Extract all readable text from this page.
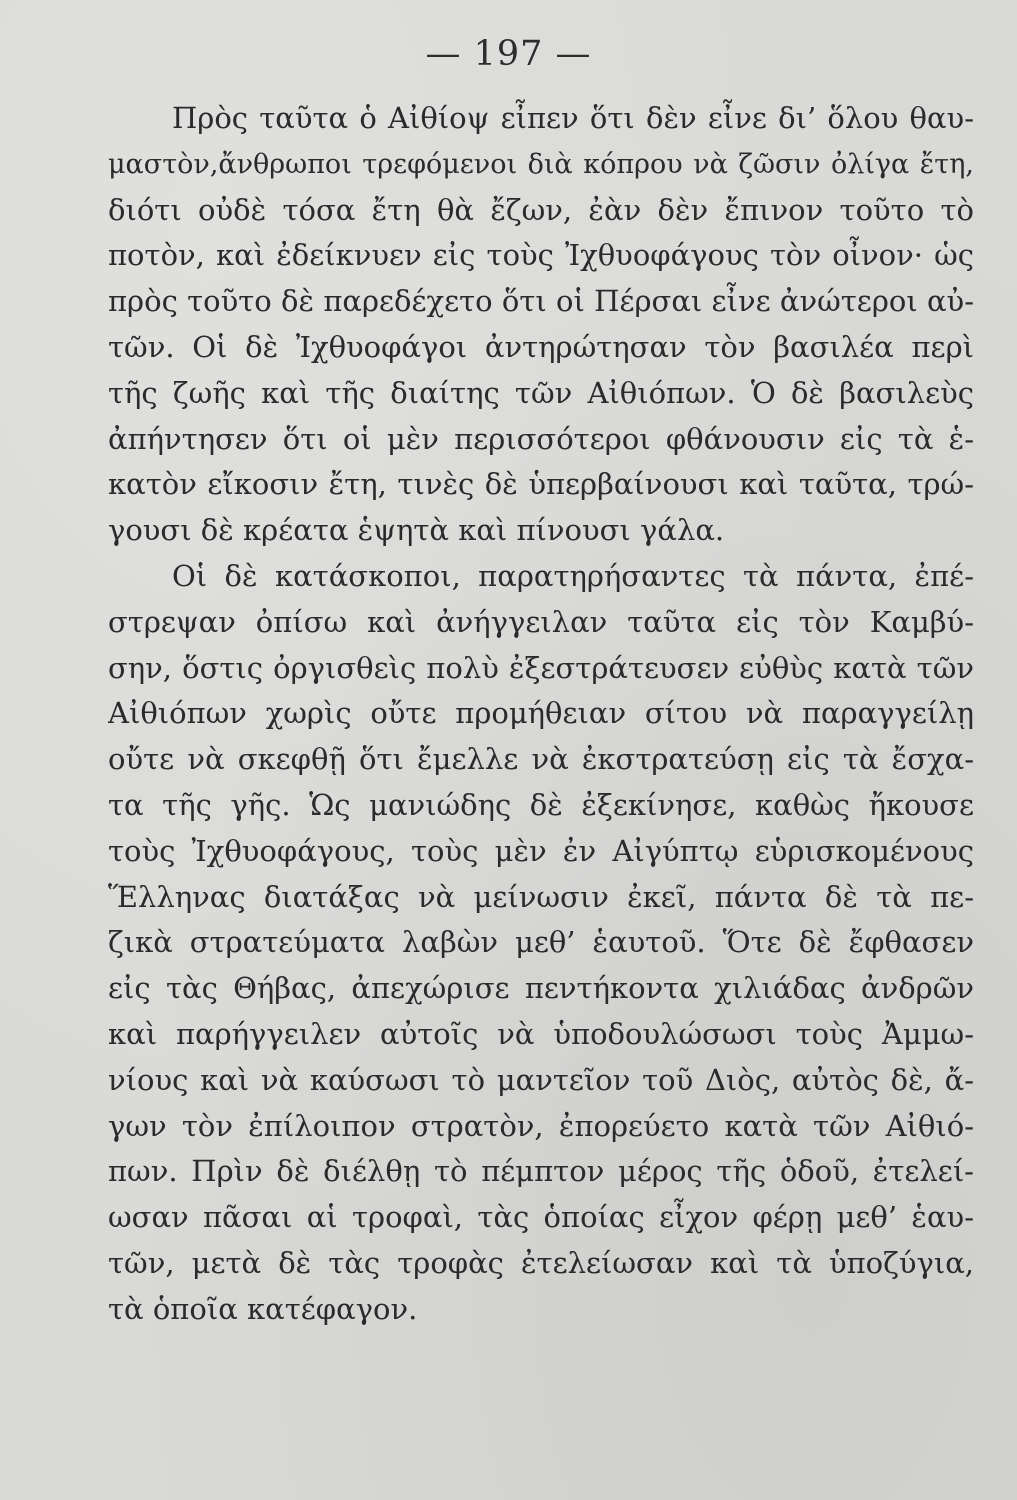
— 197 —
Πρὸς ταῦτα ὁ Αἰθίοψ εἶπεν ὅτι δὲν εἶνε δι’ ὅλου θαυ-
μαστὸν,ἄνθρωποι τρεφόμενοι διὰ κόπρου νὰ ζῶσιν ὀλίγα ἔτη,
διότι οὐδὲ τόσα ἔτη θὰ ἔζων, ἐὰν δὲν ἔπινον τοῦτο τὸ
ποτὸν, καὶ ἐδείκνυεν εἰς τοὺς Ἰχθυοφάγους τὸν οἶνον· ὡς
πρὸς τοῦτο δὲ παρεδέχετο ὅτι οἱ Πέρσαι εἶνε ἀνώτεροι αὐ-
τῶν. Οἱ δὲ Ἰχθυοφάγοι ἀντηρώτησαν τὸν βασιλέα περὶ
τῆς ζωῆς καὶ τῆς διαίτης τῶν Αἰθιόπων. Ὁ δὲ βασιλεὺς
ἀπήντησεν ὅτι οἱ μὲν περισσότεροι φθάνουσιν εἰς τὰ ἑ-
κατὸν εἴκοσιν ἔτη, τινὲς δὲ ὑπερβαίνουσι καὶ ταῦτα, τρώ-
γουσι δὲ κρέατα ἑψητὰ καὶ πίνουσι γάλα.
Οἱ δὲ κατάσκοποι, παρατηρήσαντες τὰ πάντα, ἐπέ-
στρεψαν ὀπίσω καὶ ἀνήγγειλαν ταῦτα εἰς τὸν Καμβύ-
σην, ὅστις ὀργισθεὶς πολὺ ἐξεστράτευσεν εὐθὺς κατὰ τῶν
Αἰθιόπων χωρὶς οὔτε προμήθειαν σίτου νὰ παραγγείλῃ
οὔτε νὰ σκεφθῇ ὅτι ἔμελλε νὰ ἐκστρατεύσῃ εἰς τὰ ἔσχα-
τα τῆς γῆς. Ὡς μανιώδης δὲ ἐξεκίνησε, καθὼς ἤκουσε
τοὺς Ἰχθυοφάγους, τοὺς μὲν ἐν Αἰγύπτῳ εὑρισκομένους
Ἕλληνας διατάξας νὰ μείνωσιν ἐκεῖ, πάντα δὲ τὰ πε-
ζικὰ στρατεύματα λαβὼν μεθ’ ἑαυτοῦ. Ὅτε δὲ ἔφθασεν
εἰς τὰς Θήβας, ἀπεχώρισε πεντήκοντα χιλιάδας ἀνδρῶν
καὶ παρήγγειλεν αὐτοῖς νὰ ὑποδουλώσωσι τοὺς Ἀμμω-
νίους καὶ νὰ καύσωσι τὸ μαντεῖον τοῦ Διὸς, αὐτὸς δὲ, ἄ-
γων τὸν ἐπίλοιπον στρατὸν, ἐπορεύετο κατὰ τῶν Αἰθιό-
πων. Πρὶν δὲ διέλθῃ τὸ πέμπτον μέρος τῆς ὁδοῦ, ἐτελεί-
ωσαν πᾶσαι αἱ τροφαὶ, τὰς ὁποίας εἶχον φέρῃ μεθ’ ἑαυ-
τῶν, μετὰ δὲ τὰς τροφὰς ἐτελείωσαν καὶ τὰ ὑποζύγια,
τὰ ὁποῖα κατέφαγον.
